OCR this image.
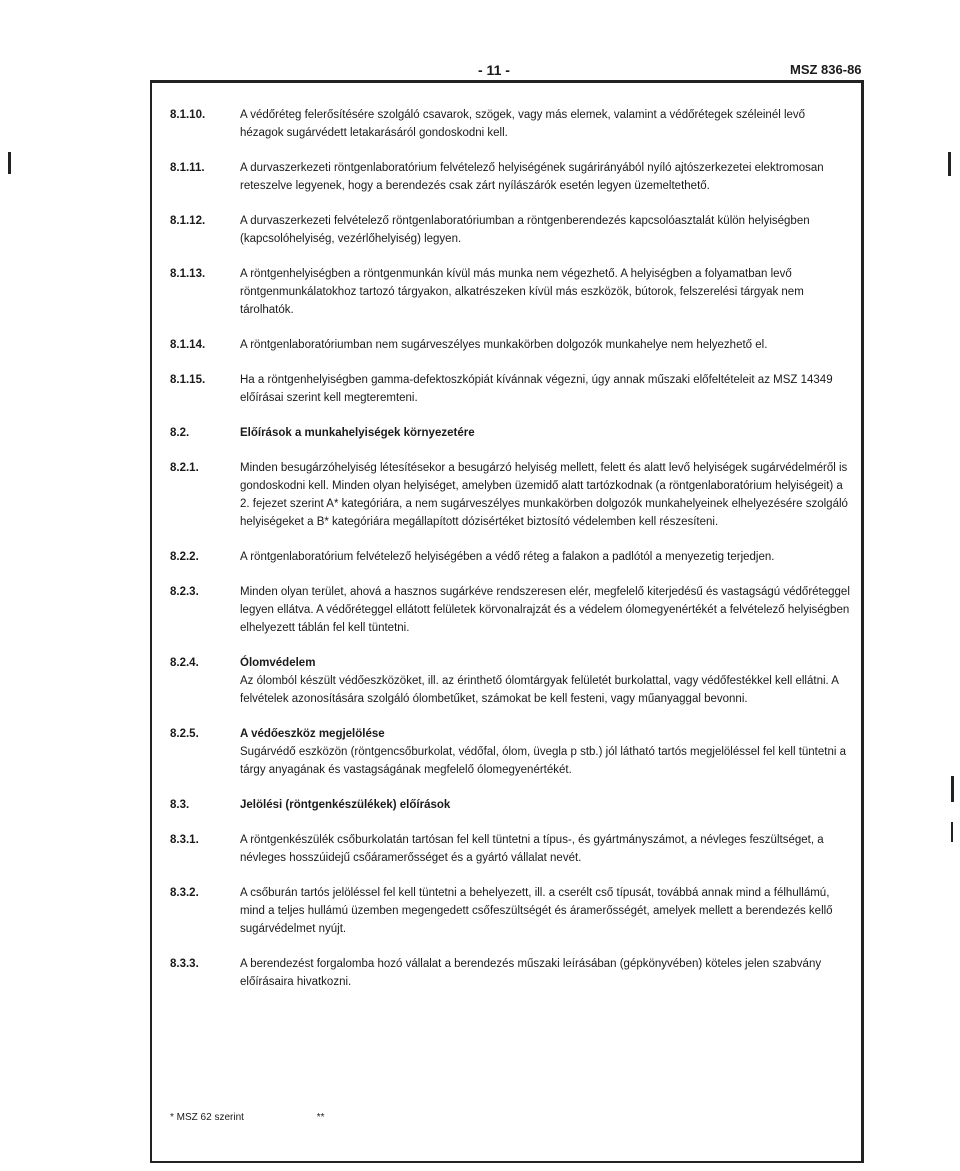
- 11 -	MSZ 836-86
8.1.10.	A védőréteg felerősítésére szolgáló csavarok, szögek, vagy más elemek, valamint a védőrétegek széleinél levő hézagok sugárvédett letakarásáról gondoskodni kell.

8.1.11.	A durvaszerkezeti röntgenlaboratórium felvételező helyiségének sugárirányából nyíló ajtószerkezetei elektromosan reteszelve legyenek, hogy a berendezés csak zárt nyílászárók esetén legyen üzemeltethető.

8.1.12.	A durvaszerkezeti felvételező röntgenlaboratóriumban a röntgenberendezés kapcsolóasztalát külön helyiségben (kapcsolóhelyiség, vezérlőhelyiség) legyen.

8.1.13.	A röntgenhelyiségben a röntgenmunkán kívül más munka nem végezhető. A helyiségben a folyamatban levő röntgenmunkálatokhoz tartozó tárgyakon, alkatrészeken kívül más eszközök, bútorok, felszerelési tárgyak nem tárolhatók.

8.1.14.	A röntgenlaboratóriumban nem sugárveszélyes munkakörben dolgozók munkahelye nem helyezhető el.

8.1.15.	Ha a röntgenhelyiségben gamma-defektoszkópiát kívánnak végezni, úgy annak műszaki előfeltételeit az MSZ 14349 előírásai szerint kell megteremteni.

8.2.	Előírások a munkahelyiségek környezetére

8.2.1.	Minden besugárzóhelyiség létesítésekor a besugárzó helyiség mellett, felett és alatt levő helyiségek sugárvédelméről is gondoskodni kell. Minden olyan helyiséget, amelyben üzemidő alatt tartózkodnak (a röntgenlaboratórium helyiségeit) a 2. fejezet szerint A* kategóriára, a nem sugárveszélyes munkakörben dolgozók munkahelyeinek elhelyezésére szolgáló helyiségeket a B* kategóriára megállapított dózisértéket biztosító védelemben kell részesíteni.

8.2.2.	A röntgenlaboratórium felvételező helyiségében a védő réteg a falakon a padlótól a menyezetig terjedjen.

8.2.3.	Minden olyan terület, ahová a hasznos sugárkéve rendszeresen elér, megfelelő kiterjedésű és vastagságú védőréteggel legyen ellátva. A védőréteggel ellátott felületek körvonalrajzát és a védelem ólomegyenértékét a felvételező helyiségben elhelyezett táblán fel kell tüntetni.

8.2.4.	Ólomvédelem

Az ólomból készült védőeszközöket, ill. az érinthető ólomtárgyak felületét burkolattal, vagy védőfestékkel kell ellátni. A felvételek azonosítására szolgáló ólombetűket, számokat be kell festeni, vagy műanyaggal bevonni.

8.2.5.	A védőeszköz megjelölése

Sugárvédő eszközön (röntgencsőburkolat, védőfal, ólom, üvegla p stb.) jól látható tartós megjelöléssel fel kell tüntetni a tárgy anyagának és vastagságának megfelelő ólomegyenértékét.

8.3.	Jelölési (röntgenkészülékek) előírások

8.3.1.	A röntgenkészülék csőburkolatán tartósan fel kell tüntetni a típus-, és gyártmányszámot, a névleges feszültséget, a névleges hosszúidejű csőáramerősséget és a gyártó vállalat nevét.

8.3.2.	A csőburán tartós jelöléssel fel kell tüntetni a behelyezett, ill. a cserélt cső típusát, továbbá annak mind a félhullámú, mind a teljes hullámú üzemben megengedett csőfeszültségét és áramerősségét, amelyek mellett a berendezés kellő sugárvédelmet nyújt.

8.3.3.	A berendezést forgalomba hozó vállalat a berendezés műszaki leírásában (gépkönyvében) köteles jelen szabvány előírásaira hivatkozni.

* MSZ 62 szerint	**
